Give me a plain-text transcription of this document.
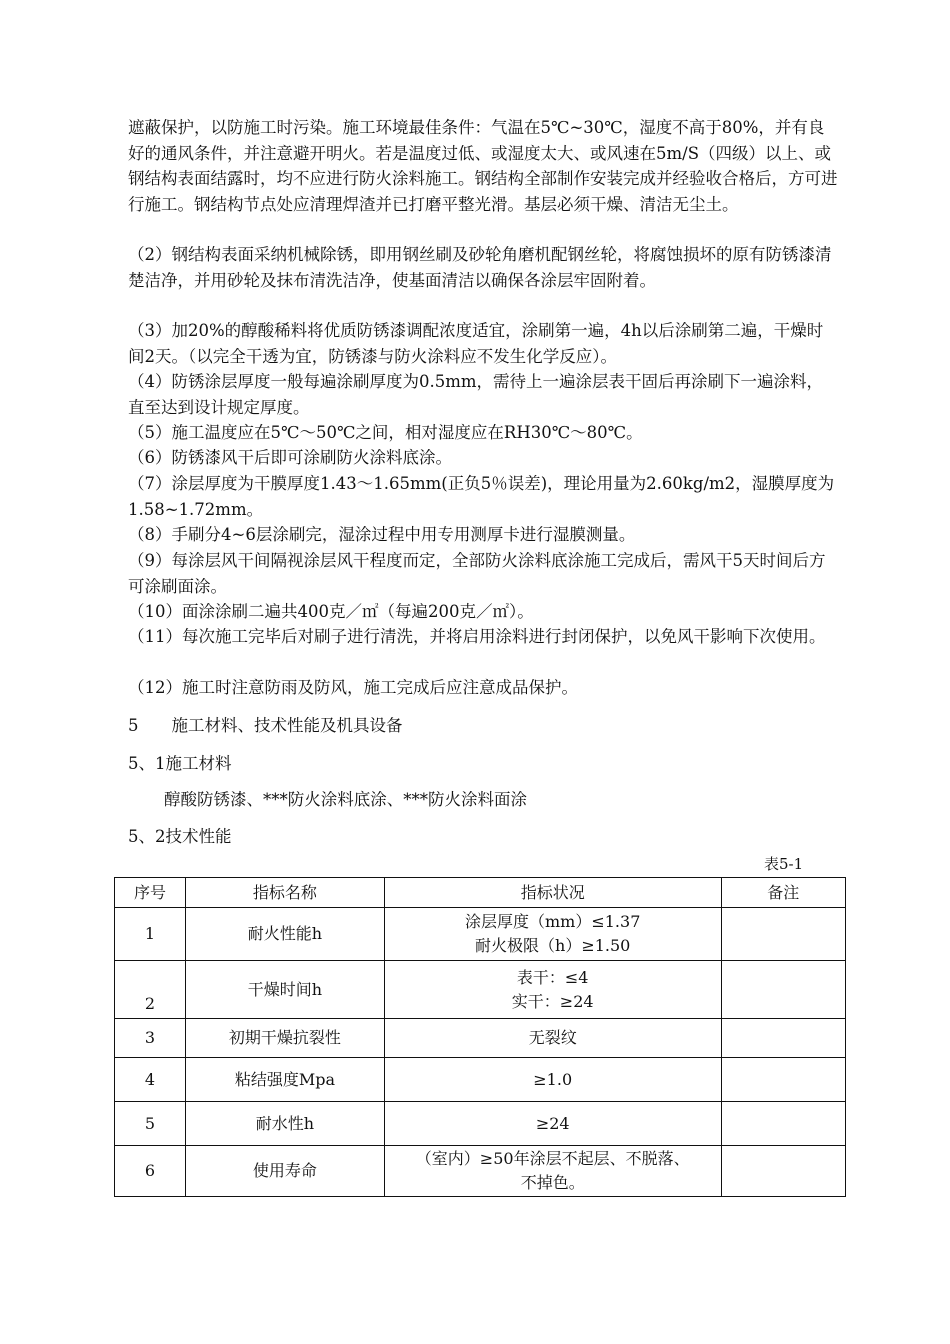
遮蔽保护，以防施工时污染。施工环境最佳条件：气温在5℃~30℃，湿度不高于80%，并有良好的通风条件，并注意避开明火。若是温度过低、或湿度太大、或风速在5m/S（四级）以上、或钢结构表面结露时，均不应进行防火涂料施工。钢结构全部制作安装完成并经验收合格后，方可进行施工。钢结构节点处应清理焊渣并已打磨平整光滑。基层必须干燥、清洁无尘土。

（2）钢结构表面采纳机械除锈，即用钢丝刷及砂轮角磨机配钢丝轮，将腐蚀损坏的原有防锈漆清楚洁净，并用砂轮及抹布清洗洁净，使基面清洁以确保各涂层牢固附着。

（3）加20%的醇酸稀料将优质防锈漆调配浓度适宜，涂刷第一遍，4h以后涂刷第二遍，干燥时间2天。（以完全干透为宜，防锈漆与防火涂料应不发生化学反应）。

（4）防锈涂层厚度一般每遍涂刷厚度为0.5mm，需待上一遍涂层表干固后再涂刷下一遍涂料，直至达到设计规定厚度。

（5）施工温度应在5℃～50℃之间，相对湿度应在RH30℃～80℃。

（6）防锈漆风干后即可涂刷防火涂料底涂。

（7）涂层厚度为干膜厚度1.43～1.65mm(正负5％误差)，理论用量为2.60kg/m2，湿膜厚度为1.58~1.72mm。

（8）手刷分4~6层涂刷完，湿涂过程中用专用测厚卡进行湿膜测量。

（9）每涂层风干间隔视涂层风干程度而定，全部防火涂料底涂施工完成后，需风干5天时间后方可涂刷面涂。

（10）面涂涂刷二遍共400克／㎡（每遍200克／㎡）。

（11）每次施工完毕后对刷子进行清洗，并将启用涂料进行封闭保护，以免风干影响下次使用。

（12）施工时注意防雨及防风，施工完成后应注意成品保护。

5　　施工材料、技术性能及机具设备
5、1施工材料
醇酸防锈漆、***防火涂料底涂、***防火涂料面涂
5、2技术性能
表5-1
序号	指标名称	指标状况	备注
1	耐火性能h	涂层厚度（mm）≤1.37
耐火极限（h）≥1.50	

2	干燥时间h	表干：≤4
实干：≥24	

3	初期干燥抗裂性	无裂纹	
4	粘结强度Mpa	≥1.0	
5	耐水性h	≥24	
6	使用寿命	（室内）≥50年涂层不起层、不脱落、
不掉色。	
